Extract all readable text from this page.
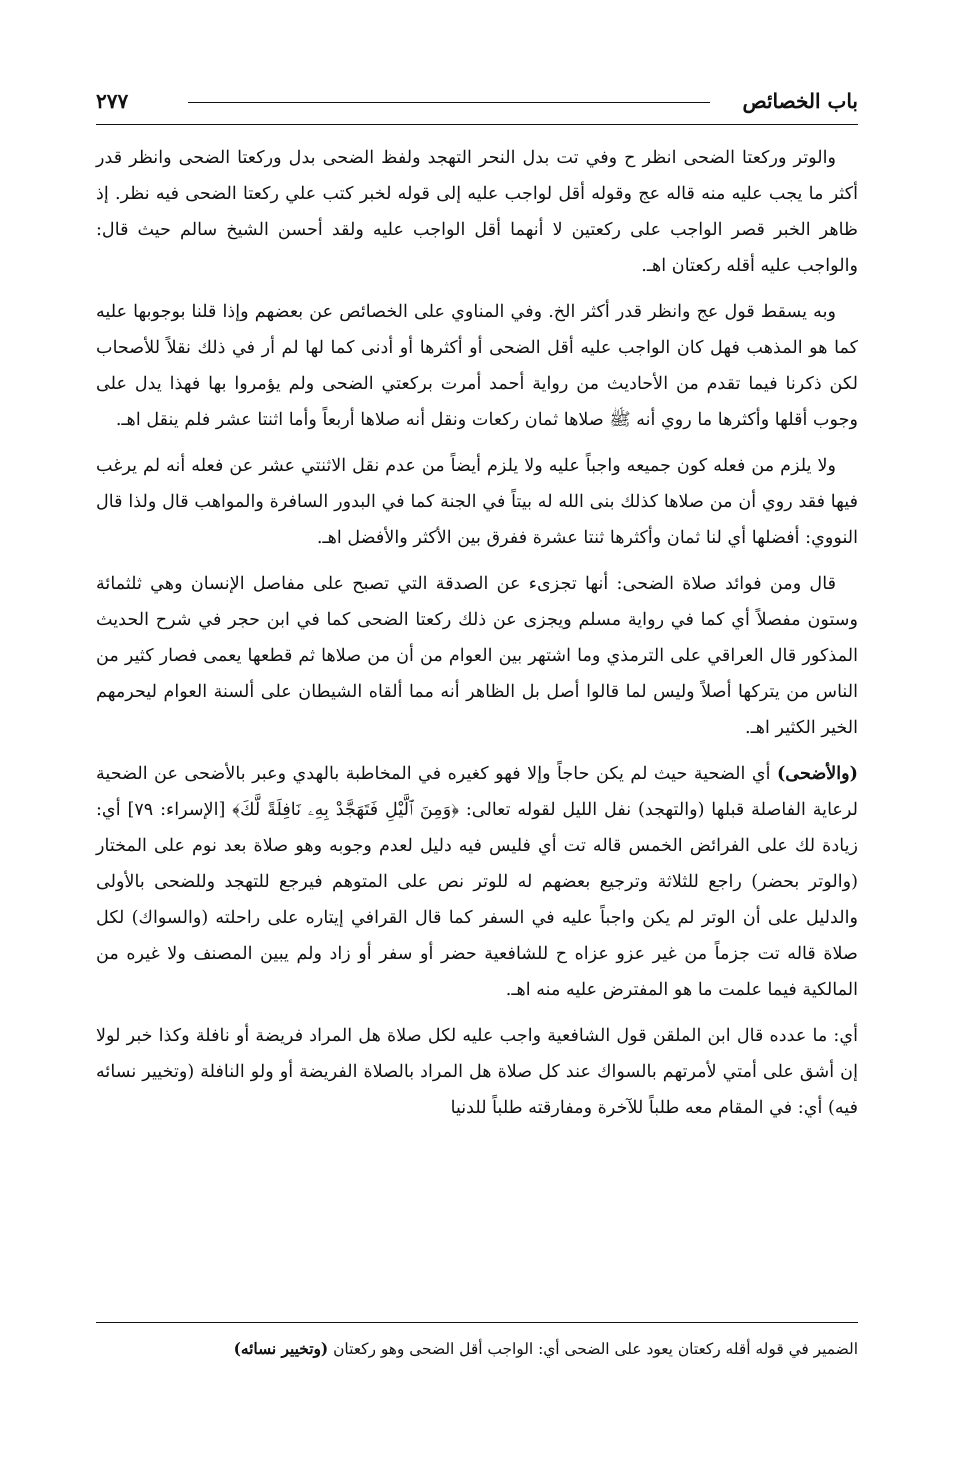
باب الخصائص
٢٧٧

والوتر وركعتا الضحى انظر ح وفي تت بدل النحر التهجد ولفظ الضحى بدل وركعتا الضحى وانظر قدر أكثر ما يجب عليه منه قاله عج وقوله أقل لواجب عليه إلى قوله لخبر كتب علي ركعتا الضحى فيه نظر. إذ ظاهر الخبر قصر الواجب على ركعتين لا أنهما أقل الواجب عليه ولقد أحسن الشيخ سالم حيث قال: والواجب عليه أقله ركعتان اهـ.

وبه يسقط قول عج وانظر قدر أكثر الخ. وفي المناوي على الخصائص عن بعضهم وإذا قلنا بوجوبها عليه كما هو المذهب فهل كان الواجب عليه أقل الضحى أو أكثرها أو أدنى كما لها لم أر في ذلك نقلاً للأصحاب لكن ذكرنا فيما تقدم من الأحاديث من رواية أحمد أمرت بركعتي الضحى ولم يؤمروا بها فهذا يدل على وجوب أقلها وأكثرها ما روي أنه ﷺ صلاها ثمان ركعات ونقل أنه صلاها أربعاً وأما اثنتا عشر فلم ينقل اهـ.

ولا يلزم من فعله كون جميعه واجباً عليه ولا يلزم أيضاً من عدم نقل الاثنتي عشر عن فعله أنه لم يرغب فيها فقد روي أن من صلاها كذلك بنى الله له بيتاً في الجنة كما في البدور السافرة والمواهب قال ولذا قال النووي: أفضلها أي لنا ثمان وأكثرها ثنتا عشرة ففرق بين الأكثر والأفضل اهـ.

قال ومن فوائد صلاة الضحى: أنها تجزىء عن الصدقة التي تصبح على مفاصل الإنسان وهي ثلثمائة وستون مفصلاً أي كما في رواية مسلم ويجزى عن ذلك ركعتا الضحى كما في ابن حجر في شرح الحديث المذكور قال العراقي على الترمذي وما اشتهر بين العوام من أن من صلاها ثم قطعها يعمى فصار كثير من الناس من يتركها أصلاً وليس لما قالوا أصل بل الظاهر أنه مما ألقاه الشيطان على ألسنة العوام ليحرمهم الخير الكثير اهـ.

(والأضحى) أي الضحية حيث لم يكن حاجاً وإلا فهو كغيره في المخاطبة بالهدي وعبر بالأضحى عن الضحية لرعاية الفاصلة قبلها (والتهجد) نفل الليل لقوله تعالى: ﴿وَمِنَ ٱلَّيْلِ فَتَهَجَّدْ بِهِۦ نَافِلَةً لَّكَ﴾ [الإسراء: ٧٩] أي: زيادة لك على الفرائض الخمس قاله تت أي فليس فيه دليل لعدم وجوبه وهو صلاة بعد نوم على المختار (والوتر بحضر) راجع للثلاثة وترجيع بعضهم له للوتر نص على المتوهم فيرجع للتهجد وللضحى بالأولى والدليل على أن الوتر لم يكن واجباً عليه في السفر كما قال القرافي إيتاره على راحلته (والسواك) لكل صلاة قاله تت جزماً من غير عزو عزاه ح للشافعية حضر أو سفر أو زاد ولم يبين المصنف ولا غيره من المالكية فيما علمت ما هو المفترض عليه منه اهـ.

أي: ما عدده قال ابن الملقن قول الشافعية واجب عليه لكل صلاة هل المراد فريضة أو نافلة وكذا خبر لولا إن أشق على أمتي لأمرتهم بالسواك عند كل صلاة هل المراد بالصلاة الفريضة أو ولو النافلة (وتخيير نسائه فيه) أي: في المقام معه طلباً للآخرة ومفارقته طلباً للدنيا

الضمير في قوله أقله ركعتان يعود على الضحى أي: الواجب أقل الضحى وهو ركعتان (وتخيير نسائه)
